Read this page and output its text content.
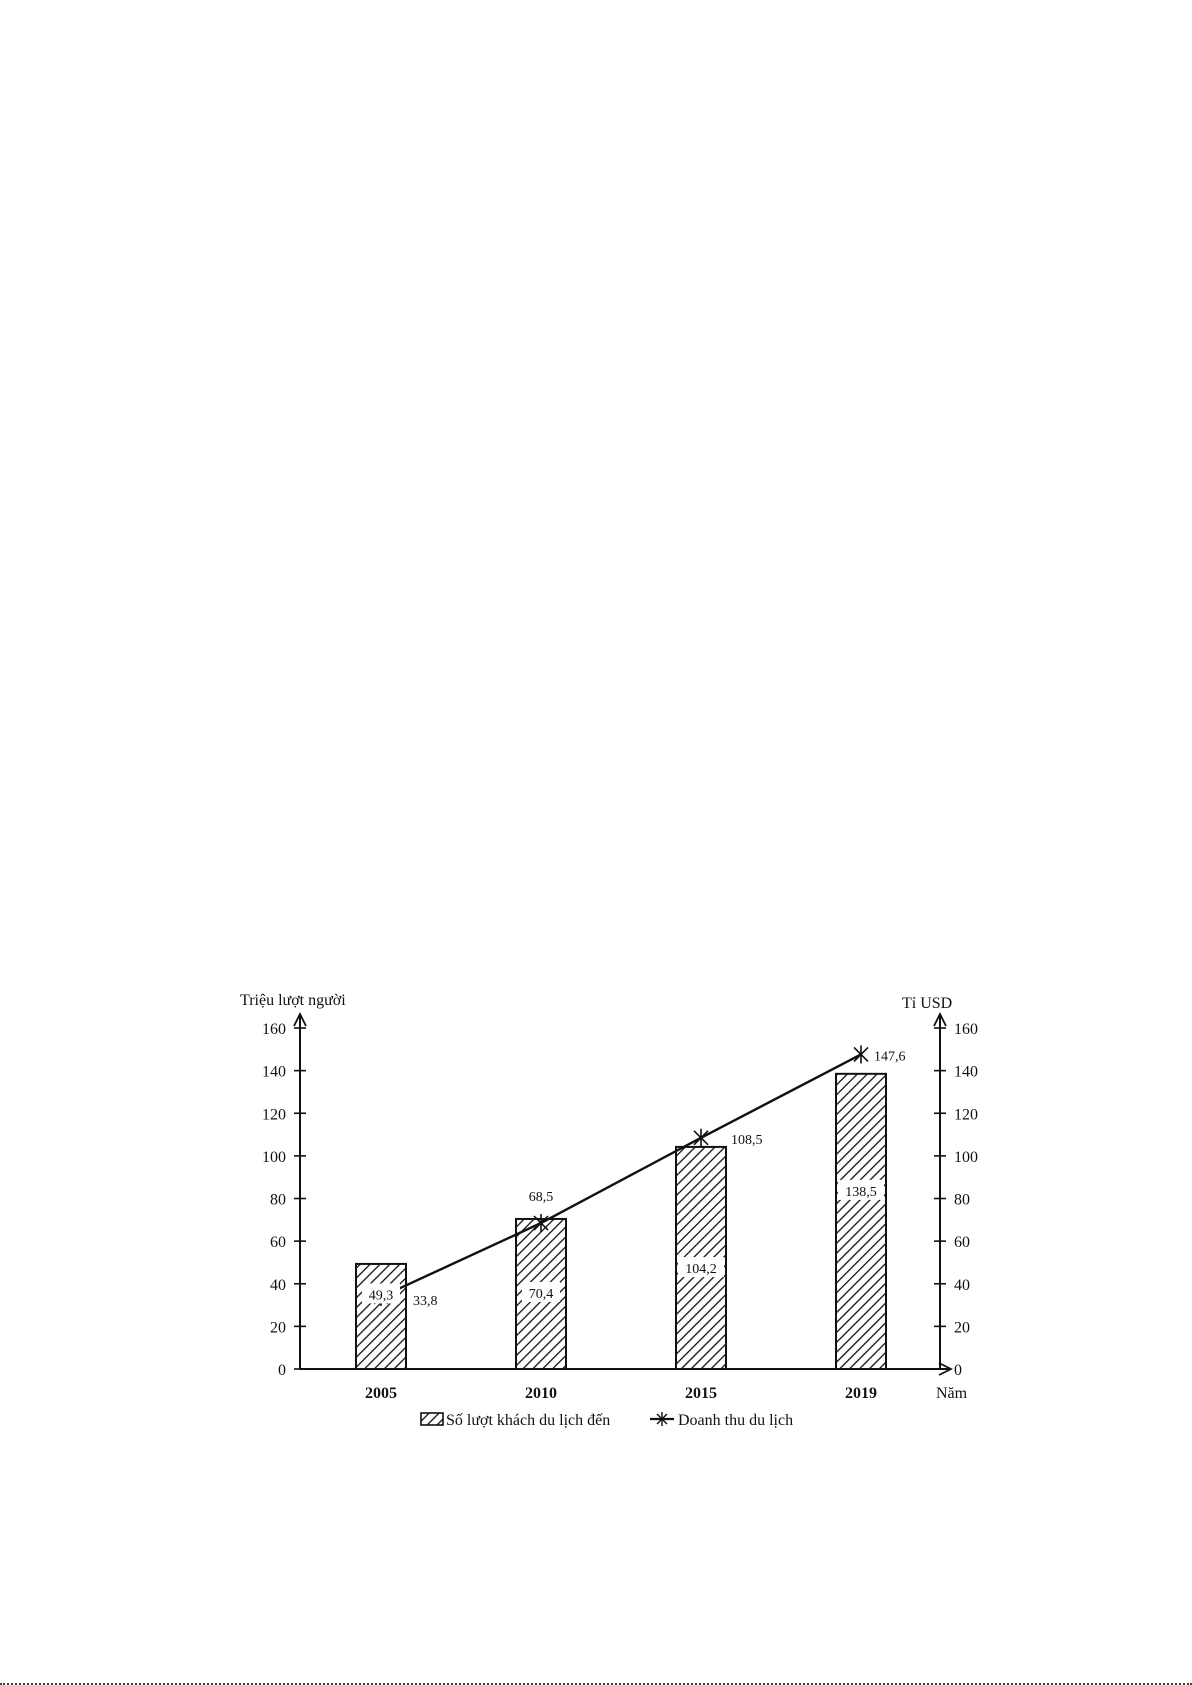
0
20
40
60
80
100
120
140
160
0
20
40
60
80
100
120
140
160
Triệu lượt người	Tỉ USD
Năm
2005	2010	2015	2019
49,3	70,4
104,2
138,5
33,8
68,5
108,5
147,6
Số lượt khách du lịch đến	Doanh thu du lịch
